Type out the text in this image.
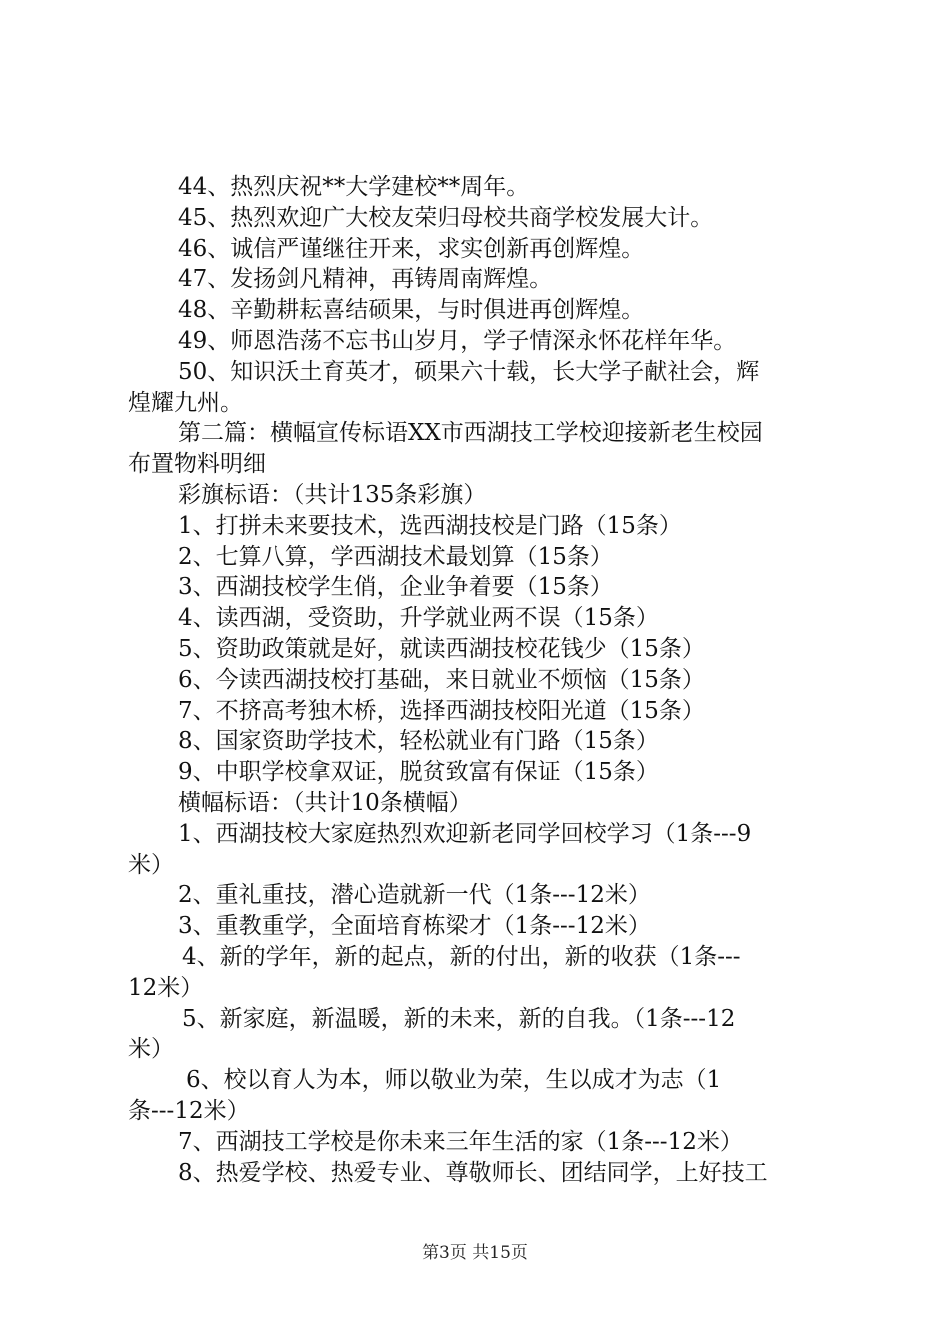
44、热烈庆祝**大学建校**周年。

45、热烈欢迎广大校友荣归母校共商学校发展大计。

46、诚信严谨继往开来，求实创新再创辉煌。

47、发扬剑凡精神，再铸周南辉煌。

48、辛勤耕耘喜结硕果，与时俱进再创辉煌。

49、师恩浩荡不忘书山岁月，学子情深永怀花样年华。

50、知识沃土育英才，硕果六十载，长大学子献社会，辉

煌耀九州。

第二篇：横幅宣传标语XX市西湖技工学校迎接新老生校园

布置物料明细

彩旗标语：（共计135条彩旗）

1、打拼未来要技术，选西湖技校是门路（15条）

2、七算八算，学西湖技术最划算（15条）

3、西湖技校学生俏，企业争着要（15条）

4、读西湖，受资助，升学就业两不误（15条）

5、资助政策就是好，就读西湖技校花钱少（15条）

6、今读西湖技校打基础，来日就业不烦恼（15条）

7、不挤高考独木桥，选择西湖技校阳光道（15条）

8、国家资助学技术，轻松就业有门路（15条）

9、中职学校拿双证，脱贫致富有保证（15条）

横幅标语：（共计10条横幅）

1、西湖技校大家庭热烈欢迎新老同学回校学习（1条---9

米）

2、重礼重技，潜心造就新一代（1条---12米）

3、重教重学，全面培育栋梁才（1条---12米）

4、新的学年，新的起点，新的付出，新的收获（1条---

12米）

5、新家庭，新温暖，新的未来，新的自我。（1条---12

米）

6、校以育人为本，师以敬业为荣，生以成才为志（1

条---12米）

7、西湖技工学校是你未来三年生活的家（1条---12米）

8、热爱学校、热爱专业、尊敬师长、团结同学，上好技工

第3页 共15页
